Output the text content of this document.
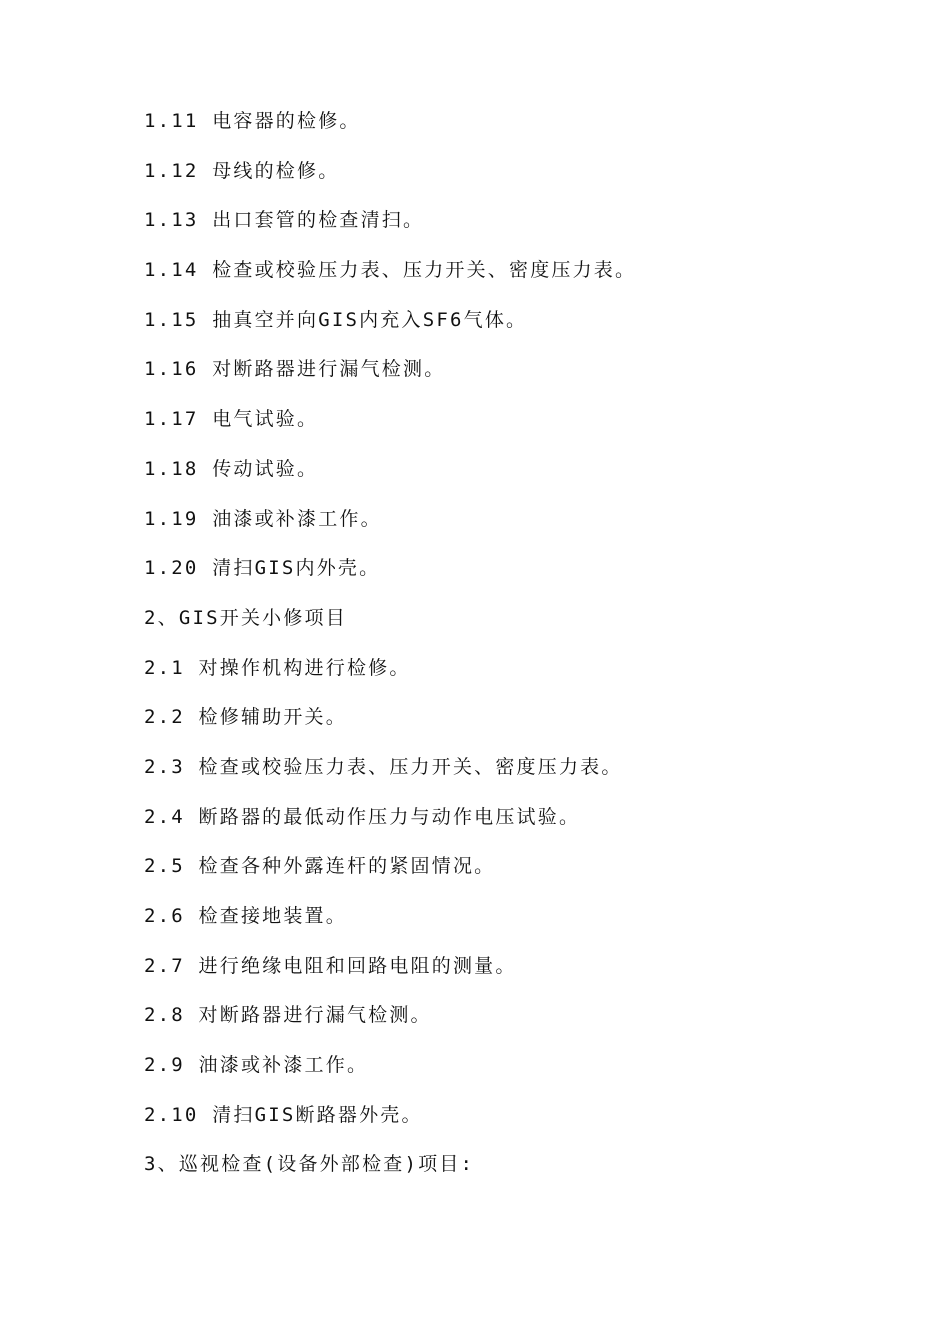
1.11 电容器的检修。
1.12 母线的检修。
1.13 出口套管的检查清扫。
1.14 检查或校验压力表、压力开关、密度压力表。
1.15 抽真空并向GIS内充入SF6气体。
1.16 对断路器进行漏气检测。
1.17 电气试验。
1.18 传动试验。
1.19 油漆或补漆工作。
1.20 清扫GIS内外壳。
2、GIS开关小修项目
2.1 对操作机构进行检修。
2.2 检修辅助开关。
2.3 检查或校验压力表、压力开关、密度压力表。
2.4 断路器的最低动作压力与动作电压试验。
2.5 检查各种外露连杆的紧固情况。
2.6 检查接地装置。
2.7 进行绝缘电阻和回路电阻的测量。
2.8 对断路器进行漏气检测。
2.9 油漆或补漆工作。
2.10 清扫GIS断路器外壳。
3、巡视检查(设备外部检查)项目:
